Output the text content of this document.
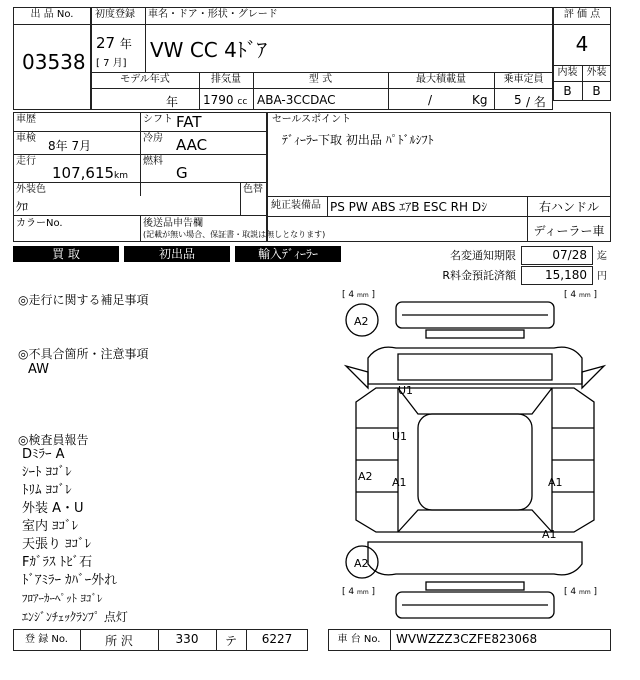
出 品 No.
03538
初度登録 車名・ドア・形状・グレード
27 年
[ 7 月]
VW CC 4ﾄﾞｱ
評 価 点
4
内装 外装
B	B
モデル年式	排気量	型 式	最大積載量	乗車定員
年 1790 cc ABA-3CCDAC	/	Kg 5 / 名
車歴	シフト FAT
車検
8年 7月
冷房 AAC
走行
107,615km
燃料
G
外装色
ｸﾛ
色替
カラーNo.	後送品申告欄
(記載が無い場合、保証書・取説は無しとなります)
セールスポイント
ﾃﾞｨｰﾗｰ下取 初出品 ﾊﾟﾄﾞﾙｼﾌﾄ
純正装備品 PS PW ABS ｴｱB ESC RH Dｼ	右ハンドル
ディーラー車
買 取	初出品	輸入ﾃﾞｨｰﾗｰ	名変通知期限	07/28 迄
R料金預託済額	15,180 円
◎走行に関する補足事項
◎不具合箇所・注意事項
AW
◎検査員報告
Dﾐﾗｰ A
ｼｰﾄ ﾖｺﾞﾚ
ﾄﾘﾑ ﾖｺﾞﾚ
外装 A・U
室内 ﾖｺﾞﾚ
天張り ﾖｺﾞﾚ
Fｶﾞﾗｽ ﾄﾋﾞ石
ﾄﾞｱﾐﾗｰ ｶﾊﾞｰ外れ
ﾌﾛｱｰｶｰﾍﾟｯﾄ ﾖｺﾞﾚ
ｴﾝｼﾞﾝﾁｪｯｸﾗﾝﾌﾟ 点灯
[ 4 mm ]	[ 4 mm ]
[ 4 mm ]	[ 4 mm ]
A2
A2
U1
U1
A2 A1	A1
A1
登 録 No.	所 沢	330	テ	6227	車 台 No.	WVWZZZ3CZFE823068
